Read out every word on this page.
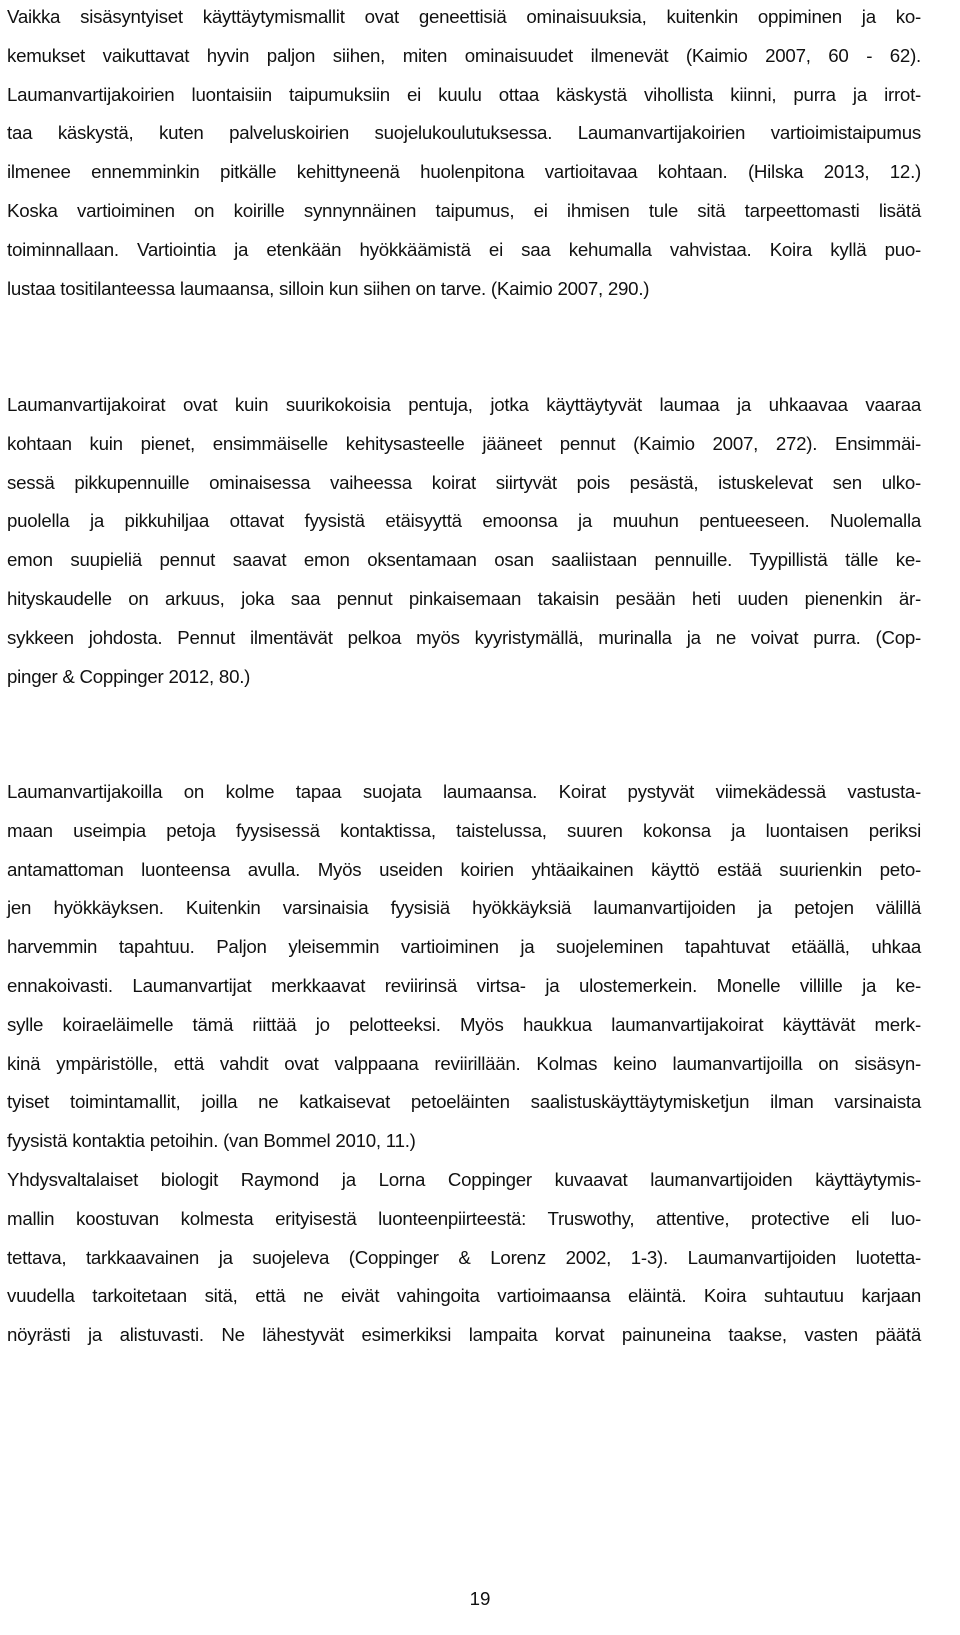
Vaikka sisäsyntyiset käyttäytymismallit ovat geneettisiä ominaisuuksia, kuitenkin oppiminen ja ko-
kemukset vaikuttavat hyvin paljon siihen, miten ominaisuudet ilmenevät (Kaimio 2007, 60 - 62).
Laumanvartijakoirien luontaisiin taipumuksiin ei kuulu ottaa käskystä vihollista kiinni, purra ja irrot-
taa käskystä, kuten palveluskoirien suojelukoulutuksessa. Laumanvartijakoirien vartioimistaipumus
ilmenee ennemminkin pitkälle kehittyneenä huolenpitona vartioitavaa kohtaan. (Hilska 2013, 12.)
Koska vartioiminen on koirille synnynnäinen taipumus, ei ihmisen tule sitä tarpeettomasti lisätä
toiminnallaan. Vartiointia ja etenkään hyökkäämistä ei saa kehumalla vahvistaa. Koira kyllä puo-
lustaa tositilanteessa laumaansa, silloin kun siihen on tarve. (Kaimio 2007, 290.)
Laumanvartijakoirat ovat kuin suurikokoisia pentuja, jotka käyttäytyvät laumaa ja uhkaavaa vaaraa
kohtaan kuin pienet, ensimmäiselle kehitysasteelle jääneet pennut (Kaimio 2007, 272). Ensimmäi-
sessä pikkupennuille ominaisessa vaiheessa koirat siirtyvät pois pesästä, istuskelevat sen ulko-
puolella ja pikkuhiljaa ottavat fyysistä etäisyyttä emoonsa ja muuhun pentueeseen. Nuolemalla
emon suupieliä pennut saavat emon oksentamaan osan saaliistaan pennuille. Tyypillistä tälle ke-
hityskaudelle on arkuus, joka saa pennut pinkaisemaan takaisin pesään heti uuden pienenkin är-
sykkeen johdosta. Pennut ilmentävät pelkoa myös kyyristymällä, murinalla ja ne voivat purra. (Cop-
pinger & Coppinger 2012, 80.)
Laumanvartijakoilla on kolme tapaa suojata laumaansa. Koirat pystyvät viimekädessä vastusta-
maan useimpia petoja fyysisessä kontaktissa, taistelussa, suuren kokonsa ja luontaisen periksi
antamattoman luonteensa avulla. Myös useiden koirien yhtäaikainen käyttö estää suurienkin peto-
jen hyökkäyksen. Kuitenkin varsinaisia fyysisiä hyökkäyksiä laumanvartijoiden ja petojen välillä
harvemmin tapahtuu. Paljon yleisemmin vartioiminen ja suojeleminen tapahtuvat etäällä, uhkaa
ennakoivasti. Laumanvartijat merkkaavat reviirinsä virtsa- ja ulostemerkein. Monelle villille ja ke-
sylle koiraeläimelle tämä riittää jo pelotteeksi. Myös haukkua laumanvartijakoirat käyttävät merk-
kinä ympäristölle, että vahdit ovat valppaana reviirillään. Kolmas keino laumanvartijoilla on sisäsyn-
tyiset toimintamallit, joilla ne katkaisevat petoeläinten saalistuskäyttäytymisketjun ilman varsinaista
fyysistä kontaktia petoihin. (van Bommel 2010, 11.)
Yhdysvaltalaiset biologit Raymond ja Lorna Coppinger kuvaavat laumanvartijoiden käyttäytymis-
mallin koostuvan kolmesta erityisestä luonteenpiirteestä: Truswothy, attentive, protective eli luo-
tettava, tarkkaavainen ja suojeleva (Coppinger & Lorenz 2002, 1-3). Laumanvartijoiden luotetta-
vuudella tarkoitetaan sitä, että ne eivät vahingoita vartioimaansa eläintä. Koira suhtautuu karjaan
nöyrästi ja alistuvasti. Ne lähestyvät esimerkiksi lampaita korvat painuneina taakse, vasten päätä
19
